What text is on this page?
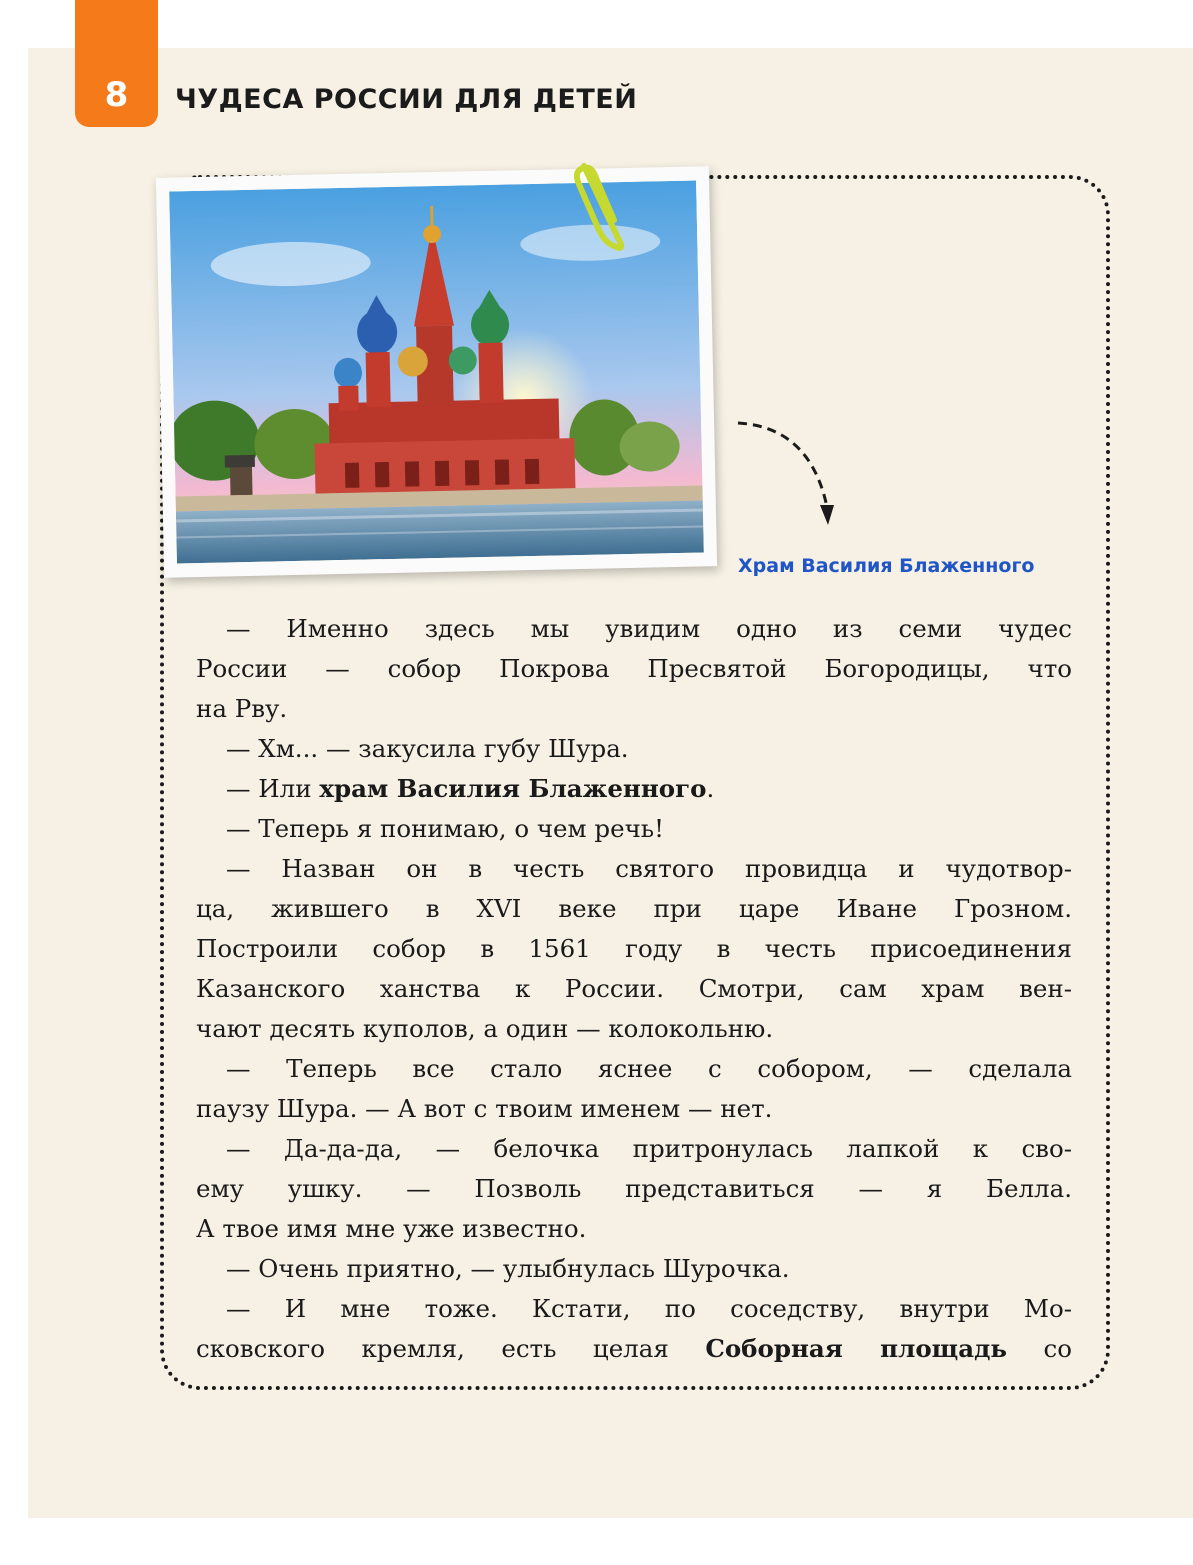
8	ЧУДЕСА РОССИИ ДЛЯ ДЕТЕЙ
Храм Василия Блаженного

— Именно здесь мы увидим одно из семи чудес

России — собор Покрова Пресвятой Богородицы, что

на Рву.

— Хм... — закусила губу Шура.

— Или храм Василия Блаженного.

— Теперь я понимаю, о чем речь!

— Назван он в честь святого провидца и чудотвор-

ца, жившего в XVI веке при царе Иване Грозном.

Построили собор в 1561 году в честь присоединения

Казанского ханства к России. Смотри, сам храм вен-

чают десять куполов, а один — колокольню.

— Теперь все стало яснее с собором, — сделала

паузу Шура. — А вот с твоим именем — нет.

— Да-да-да, — белочка притронулась лапкой к сво-

ему ушку. — Позволь представиться — я Белла.

А твое имя мне уже известно.

— Очень приятно, — улыбнулась Шурочка.

— И мне тоже. Кстати, по соседству, внутри Мо-

сковского кремля, есть целая Соборная площадь со
